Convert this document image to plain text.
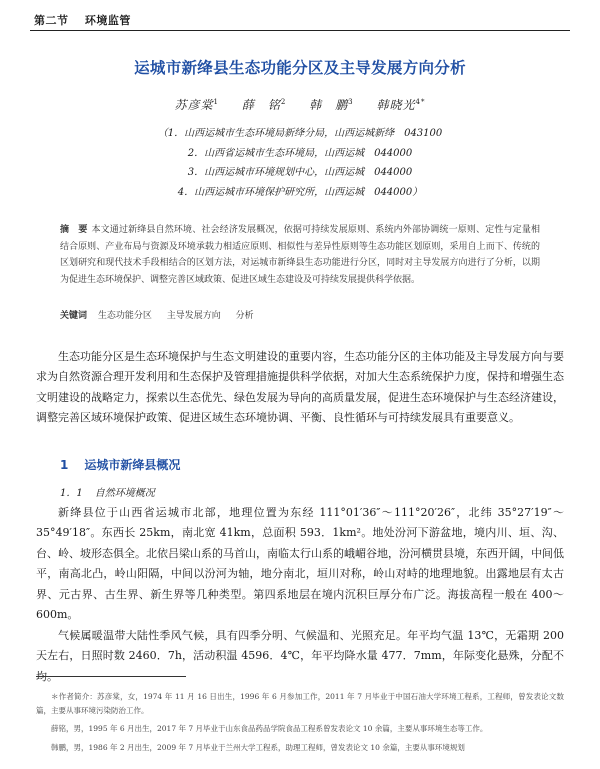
第二节 环境监管
运城市新绛县生态功能分区及主导发展方向分析
苏彦棠$^1$ 薛　铭$^2$ 韩　鹏$^3$ 韩晓光$^{4*}$
（1．山西运城市生态环境局新绛分局，山西运城新绛　043100
2．山西省运城市生态环境局，山西运城　044000
3．山西运城市环境规划中心，山西运城　044000
4．山西运城市环境保护研究所，山西运城　044000）
摘　要 本文通过新绛县自然环境、社会经济发展概况，依据可持续发展原则、系统内外部协调统一原则、定性与定量相结合原则、产业布局与资源及环境承载力相适应原则、相似性与差异性原则等生态功能区划原则，采用自上而下、传统的区划研究和现代技术手段相结合的区划方法，对运城市新绛县生态功能进行分区，同时对主导发展方向进行了分析，以期为促进生态环境保护、调整完善区域政策、促进区域生态建设及可持续发展提供科学依据。
关键词 生态功能分区 主导发展方向 分析
生态功能分区是生态环境保护与生态文明建设的重要内容，生态功能分区的主体功能及主导发展方向与要求为自然资源合理开发利用和生态保护及管理措施提供科学依据，对加大生态系统保护力度，保持和增强生态文明建设的战略定力，探索以生态优先、绿色发展为导向的高质量发展，促进生态环境保护与生态经济建设，调整完善区域环境保护政策、促进区域生态环境协调、平衡、良性循环与可持续发展具有重要意义。
1 运城市新绛县概况
1．1 自然环境概况
新绛县位于山西省运城市北部，地理位置为东经 111°01′36″～111°20′26″，北纬 35°27′19″～35°49′18″。东西长 25km，南北宽 41km，总面积 593．1km²。地处汾河下游盆地，境内川、垣、沟、台、岭、坡形态俱全。北依吕梁山系的马首山，南临太行山系的峨嵋谷地，汾河横贯县境，东西开阔，中间低平，南高北凸，岭山阳隔，中间以汾河为轴，地分南北，垣川对称，岭山对峙的地理地貌。出露地层有太古界、元古界、古生界、新生界等几种类型。第四系地层在境内沉积巨厚分布广泛。海拔高程一般在 400～600m。
气候属暖温带大陆性季风气候，具有四季分明、气候温和、光照充足。年平均气温 13℃，无霜期 200 天左右，日照时数 2460．7h，活动积温 4596．4℃，年平均降水量 477．7mm，年际变化悬殊，分配不均。

＊作者简介：苏彦棠，女，1974 年 11 月 16 日出生，1996 年 6 月参加工作，2011 年 7 月毕业于中国石油大学环境工程系，工程师，曾发表论文数篇，主要从事环境污染防治工作。

薛铭，男，1995 年 6 月出生，2017 年 7 月毕业于山东食品药品学院食品工程系曾发表论文 10 余篇，主要从事环境生态等工作。

韩鹏，男，1986 年 2 月出生，2009 年 7 月毕业于兰州大学工程系，助理工程师，曾发表论文 10 余篇，主要从事环境规划
